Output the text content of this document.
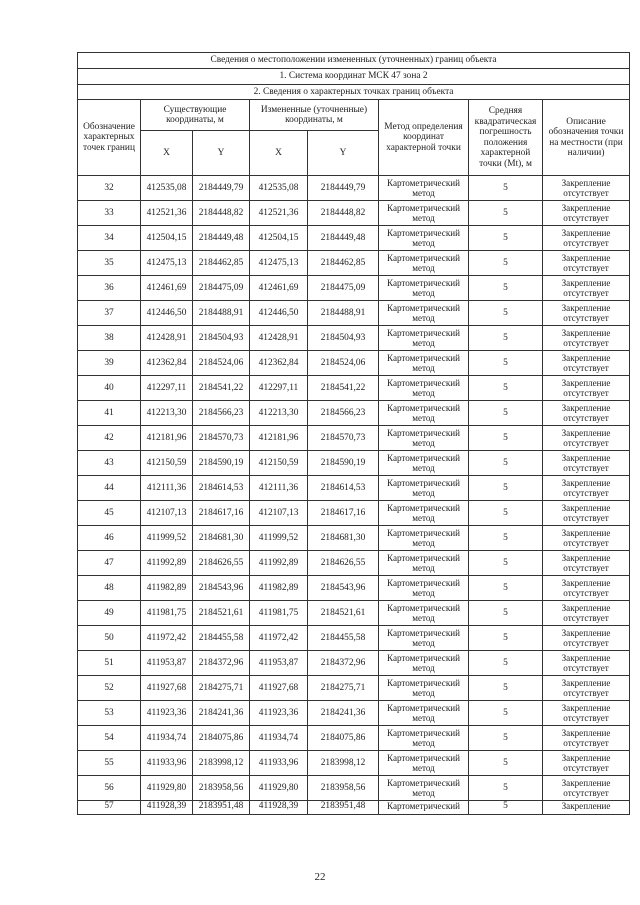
Сведения о местоположении измененных (уточненных) границ объекта							
1. Система координат МСК 47 зона 2							
2. Сведения о характерных точках границ объекта							
Обозначение характерных точек границ	Существующие координаты, м		Измененные (уточненные) координаты, м		Метод определения координат характерной точки	Средняя квадратическая погрешность положения характерной точки (Mt), м	Описание обозначения точки на местности (при наличии)
	X	Y	X	Y			
32	412535,08	2184449,79	412535,08	2184449,79	Картометрический метод	5	Закрепление отсутствует
33	412521,36	2184448,82	412521,36	2184448,82	Картометрический метод	5	Закрепление отсутствует
34	412504,15	2184449,48	412504,15	2184449,48	Картометрический метод	5	Закрепление отсутствует
35	412475,13	2184462,85	412475,13	2184462,85	Картометрический метод	5	Закрепление отсутствует
36	412461,69	2184475,09	412461,69	2184475,09	Картометрический метод	5	Закрепление отсутствует
37	412446,50	2184488,91	412446,50	2184488,91	Картометрический метод	5	Закрепление отсутствует
38	412428,91	2184504,93	412428,91	2184504,93	Картометрический метод	5	Закрепление отсутствует
39	412362,84	2184524,06	412362,84	2184524,06	Картометрический метод	5	Закрепление отсутствует
40	412297,11	2184541,22	412297,11	2184541,22	Картометрический метод	5	Закрепление отсутствует
41	412213,30	2184566,23	412213,30	2184566,23	Картометрический метод	5	Закрепление отсутствует
42	412181,96	2184570,73	412181,96	2184570,73	Картометрический метод	5	Закрепление отсутствует
43	412150,59	2184590,19	412150,59	2184590,19	Картометрический метод	5	Закрепление отсутствует
44	412111,36	2184614,53	412111,36	2184614,53	Картометрический метод	5	Закрепление отсутствует
45	412107,13	2184617,16	412107,13	2184617,16	Картометрический метод	5	Закрепление отсутствует
46	411999,52	2184681,30	411999,52	2184681,30	Картометрический метод	5	Закрепление отсутствует
47	411992,89	2184626,55	411992,89	2184626,55	Картометрический метод	5	Закрепление отсутствует
48	411982,89	2184543,96	411982,89	2184543,96	Картометрический метод	5	Закрепление отсутствует
49	411981,75	2184521,61	411981,75	2184521,61	Картометрический метод	5	Закрепление отсутствует
50	411972,42	2184455,58	411972,42	2184455,58	Картометрический метод	5	Закрепление отсутствует
51	411953,87	2184372,96	411953,87	2184372,96	Картометрический метод	5	Закрепление отсутствует
52	411927,68	2184275,71	411927,68	2184275,71	Картометрический метод	5	Закрепление отсутствует
53	411923,36	2184241,36	411923,36	2184241,36	Картометрический метод	5	Закрепление отсутствует
54	411934,74	2184075,86	411934,74	2184075,86	Картометрический метод	5	Закрепление отсутствует
55	411933,96	2183998,12	411933,96	2183998,12	Картометрический метод	5	Закрепление отсутствует
56	411929,80	2183958,56	411929,80	2183958,56	Картометрический метод	5	Закрепление отсутствует
57	411928,39	2183951,48	411928,39	2183951,48	Картометрический	5	Закрепление
22
